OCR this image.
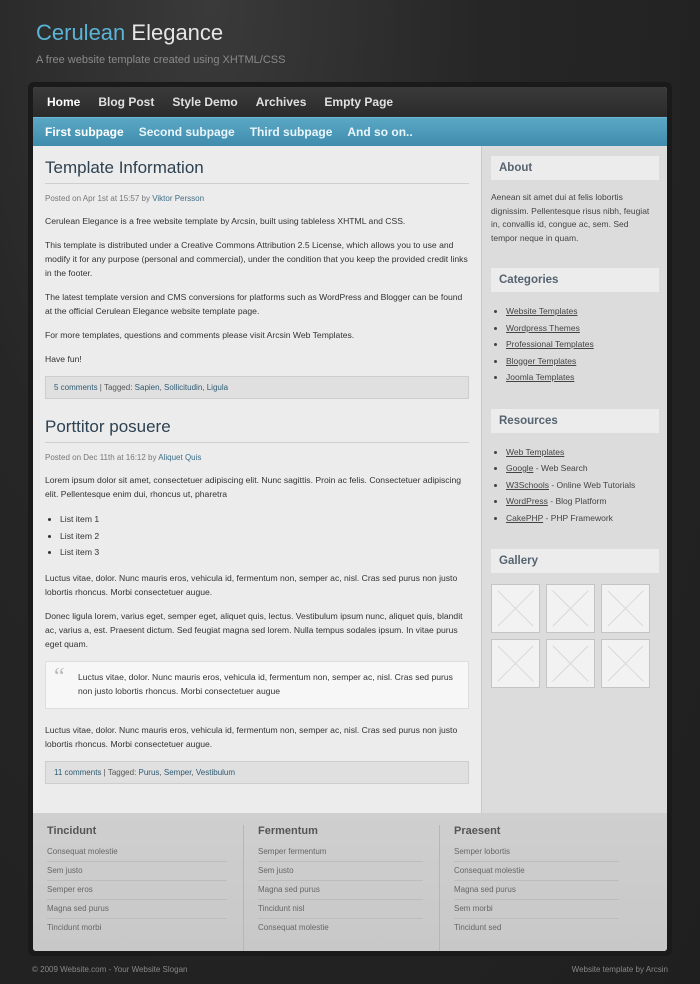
Cerulean Elegance
A free website template created using XHTML/CSS
Home Blog Post Style Demo Archives Empty Page
First subpage Second subpage Third subpage And so on..
Template Information
Posted on Apr 1st at 15:57 by Viktor Persson

Cerulean Elegance is a free website template by Arcsin, built using tableless XHTML and CSS.

This template is distributed under a Creative Commons Attribution 2.5 License, which allows you to use and modify it for any purpose (personal and commercial), under the condition that you keep the provided credit links in the footer.

The latest template version and CMS conversions for platforms such as WordPress and Blogger can be found at the official Cerulean Elegance website template page.

For more templates, questions and comments please visit Arcsin Web Templates.

Have fun!

5 comments | Tagged: Sapien, Sollicitudin, Ligula
Porttitor posuere
Posted on Dec 11th at 16:12 by Aliquet Quis

Lorem ipsum dolor sit amet, consectetuer adipiscing elit. Nunc sagittis. Proin ac felis. Consectetuer adipiscing elit. Pellentesque enim dui, rhoncus ut, pharetra

• List item 1
• List item 2
• List item 3

Luctus vitae, dolor. Nunc mauris eros, vehicula id, fermentum non, semper ac, nisl. Cras sed purus non justo lobortis rhoncus. Morbi consectetuer augue.

Donec ligula lorem, varius eget, semper eget, aliquet quis, lectus. Vestibulum ipsum nunc, aliquet quis, blandit ac, varius a, est. Praesent dictum. Sed feugiat magna sed lorem. Nulla tempus sodales ipsum. In vitae purus eget quam.

“ Luctus vitae, dolor. Nunc mauris eros, vehicula id, fermentum non, semper ac, nisl. Cras sed purus non justo lobortis rhoncus. Morbi consectetuer augue

Luctus vitae, dolor. Nunc mauris eros, vehicula id, fermentum non, semper ac, nisl. Cras sed purus non justo lobortis rhoncus. Morbi consectetuer augue.

11 comments | Tagged: Purus, Semper, Vestibulum
About

Aenean sit amet dui at felis lobortis dignissim. Pellentesque risus nibh, feugiat in, convallis id, congue ac, sem. Sed tempor neque in quam.

Categories
• Website Templates
• Wordpress Themes
• Professional Templates
• Blogger Templates
• Joomla Templates
Resources
• Web Templates
• Google - Web Search
• W3Schools - Online Web Tutorials
• WordPress - Blog Platform
• CakePHP - PHP Framework
Gallery
Tincidunt
Consequat molestie
Sem justo
Semper eros
Magna sed purus
Tincidunt morbi
Fermentum
Semper fermentum
Sem justo
Magna sed purus
Tincidunt nisl
Consequat molestie
Praesent
Semper lobortis
Consequat molestie
Magna sed purus
Sem morbi
Tincidunt sed
© 2009 Website.com - Your Website Slogan	Website template by Arcsin
